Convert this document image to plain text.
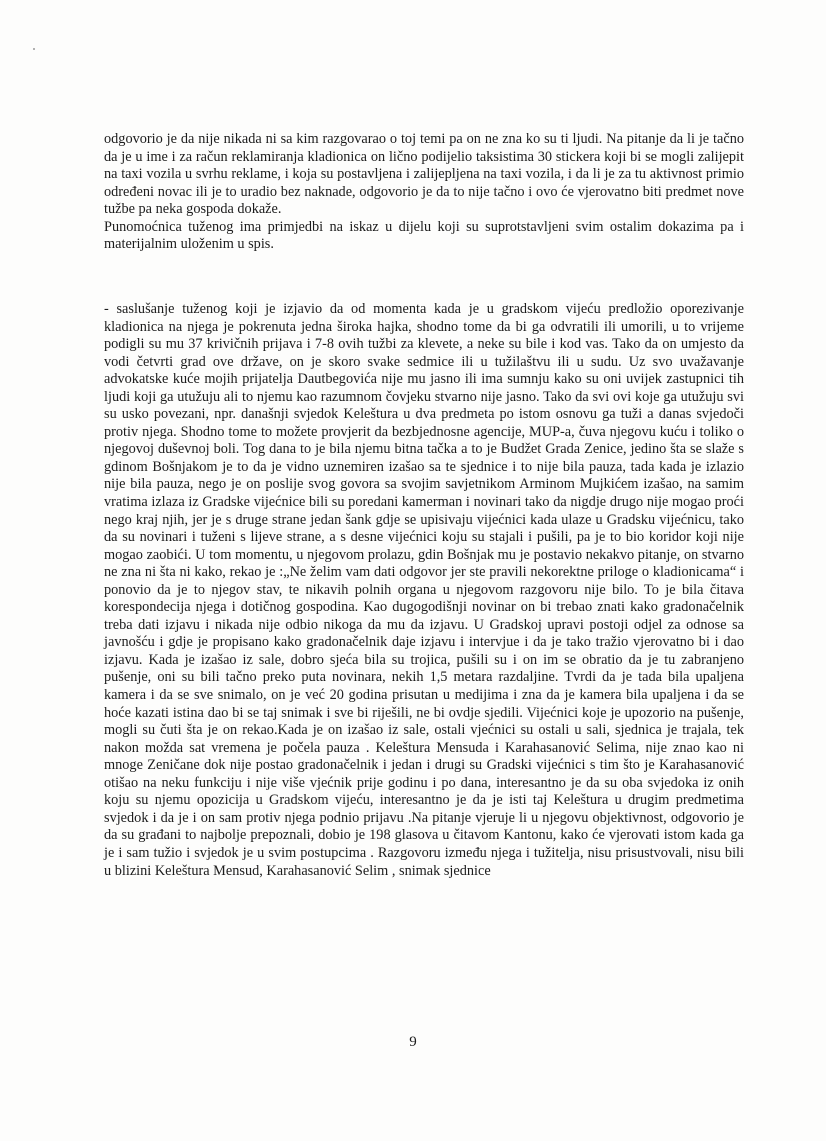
odgovorio je da nije nikada ni sa kim razgovarao o toj temi pa on ne zna ko su ti ljudi. Na pitanje da li je tačno da je u ime i za račun reklamiranja kladionica on lično podijelio taksistima 30 stickera koji bi se mogli zalijepit na taxi vozila u svrhu reklame, i koja su postavljena i zalijepljena na taxi vozila, i da li je za tu aktivnost primio određeni novac ili je to uradio bez naknade, odgovorio je da to nije tačno i ovo će vjerovatno biti predmet nove tužbe pa neka gospoda dokaže.

Punomoćnica tuženog ima primjedbi na iskaz u dijelu koji su suprotstavljeni svim ostalim dokazima pa i materijalnim uloženim u spis.

- saslušanje tuženog koji je izjavio da od momenta kada je u gradskom vijeću predložio oporezivanje kladionica na njega je pokrenuta jedna široka hajka, shodno tome da bi ga odvratili ili umorili, u to vrijeme podigli su mu 37 krivičnih prijava i 7-8 ovih tužbi za klevete, a neke su bile i kod vas. Tako da on umjesto da vodi četvrti grad ove države, on je skoro svake sedmice ili u tužilaštvu ili u sudu. Uz svo uvažavanje advokatske kuće mojih prijatelja Dautbegovića nije mu jasno ili ima sumnju kako su oni uvijek zastupnici tih ljudi koji ga utužuju ali to njemu kao razumnom čovjeku stvarno nije jasno. Tako da svi ovi koje ga utužuju svi su usko povezani, npr. današnji svjedok Keleštura u dva predmeta po istom osnovu ga tuži a danas svjedoči protiv njega. Shodno tome to možete provjerit da bezbjednosne agencije, MUP-a, čuva njegovu kuću i toliko o njegovoj duševnoj boli. Tog dana to je bila njemu bitna tačka a to je Budžet Grada Zenice, jedino šta se slaže s gdinom Bošnjakom je to da je vidno uznemiren izašao sa te sjednice i to nije bila pauza, tada kada je izlazio nije bila pauza, nego je on poslije svog govora sa svojim savjetnikom Arminom Mujkićem izašao, na samim vratima izlaza iz Gradske vijećnice bili su poredani kamerman i novinari tako da nigdje drugo nije mogao proći nego kraj njih, jer je s druge strane jedan šank gdje se upisivaju vijećnici kada ulaze u Gradsku vijećnicu, tako da su novinari i tuženi s lijeve strane, a s desne vijećnici koju su stajali i pušili, pa je to bio koridor koji nije mogao zaobići. U tom momentu, u njegovom prolazu, gdin Bošnjak mu je postavio nekakvo pitanje, on stvarno ne zna ni šta ni kako, rekao je :„Ne želim vam dati odgovor jer ste pravili nekorektne priloge o kladionicama“ i ponovio da je to njegov stav, te nikavih polnih organa u njegovom razgovoru nije bilo. To je bila čitava korespondecija njega i dotičnog gospodina. Kao dugogodišnji novinar on bi trebao znati kako gradonačelnik treba dati izjavu i nikada nije odbio nikoga da mu da izjavu. U Gradskoj upravi postoji odjel za odnose sa javnošću i gdje je propisano kako gradonačelnik daje izjavu i intervjue i da je tako tražio vjerovatno bi i dao izjavu. Kada je izašao iz sale, dobro sjeća bila su trojica, pušili su i on im se obratio da je tu zabranjeno pušenje, oni su bili tačno preko puta novinara, nekih 1,5 metara razdaljine. Tvrdi da je tada bila upaljena kamera i da se sve snimalo, on je već 20 godina prisutan u medijima i zna da je kamera bila upaljena i da se hoće kazati istina dao bi se taj snimak i sve bi riješili, ne bi ovdje sjedili. Vijećnici koje je upozorio na pušenje, mogli su čuti šta je on rekao.Kada je on izašao iz sale, ostali vjećnici su ostali u sali, sjednica je trajala, tek nakon možda sat vremena je počela pauza . Keleštura Mensuda i Karahasanović Selima, nije znao kao ni mnoge Zeničane dok nije postao gradonačelnik i jedan i drugi su Gradski vijećnici s tim što je Karahasanović otišao na neku funkciju i nije više vjećnik prije godinu i po dana, interesantno je da su oba svjedoka iz onih koju su njemu opozicija u Gradskom vijeću, interesantno je da je isti taj Keleštura u drugim predmetima svjedok i da je i on sam protiv njega podnio prijavu .Na pitanje vjeruje li u njegovu objektivnost, odgovorio je da su građani to najbolje prepoznali, dobio je 198 glasova u čitavom Kantonu, kako će vjerovati istom kada ga je i sam tužio i svjedok je u svim postupcima . Razgovoru između njega i tužitelja, nisu prisustvovali, nisu bili u blizini Keleštura Mensud, Karahasanović Selim , snimak sjednice

9
